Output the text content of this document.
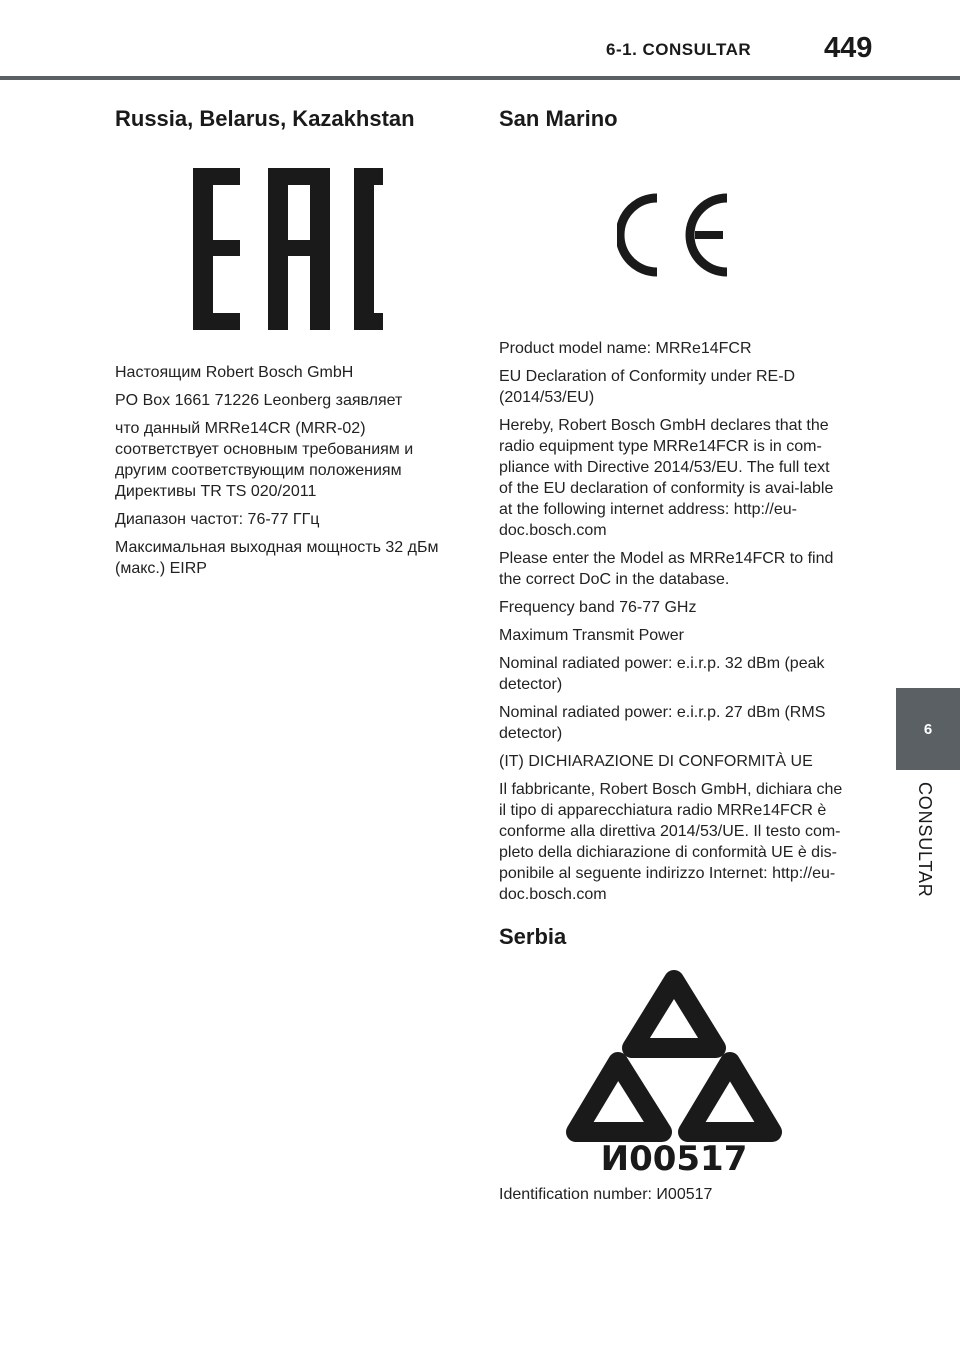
6-1. CONSULTAR	449
6
CONSULTAR
Russia, Belarus, Kazakhstan

Настоящим Robert Bosch GmbH

PO Box 1661 71226 Leonberg заявляет

что данный MRRe14CR (MRR-02) соответствует основным требованиям и другим соответствующим положениям Директивы TR TS 020/2011

Диапазон частот: 76-77 ГГц

Максимальная выходная мощность 32 дБм (макс.) EIRP

San Marino

Product model name: MRRe14FCR

EU Declaration of Conformity under RE-D (2014/53/EU)

Hereby, Robert Bosch GmbH declares that the radio equipment type MRRe14FCR is in com-pliance with Directive 2014/53/EU. The full text of the EU declaration of conformity is avai-lable at the following internet address: http://eu-doc.bosch.com

Please enter the Model as MRRe14FCR to find the correct DoC in the database.

Frequency band 76-77 GHz

Maximum Transmit Power

Nominal radiated power: e.i.r.p. 32 dBm (peak detector)

Nominal radiated power: e.i.r.p. 27 dBm (RMS detector)

(IT) DICHIARAZIONE DI CONFORMITÀ UE

Il fabbricante, Robert Bosch GmbH, dichiara che il tipo di apparecchiatura radio MRRe14FCR è conforme alla direttiva 2014/53/UE. Il testo com-pleto della dichiarazione di conformità UE è dis-ponibile al seguente indirizzo Internet: http://eu-doc.bosch.com

Serbia
И00517

Identification number: И00517
